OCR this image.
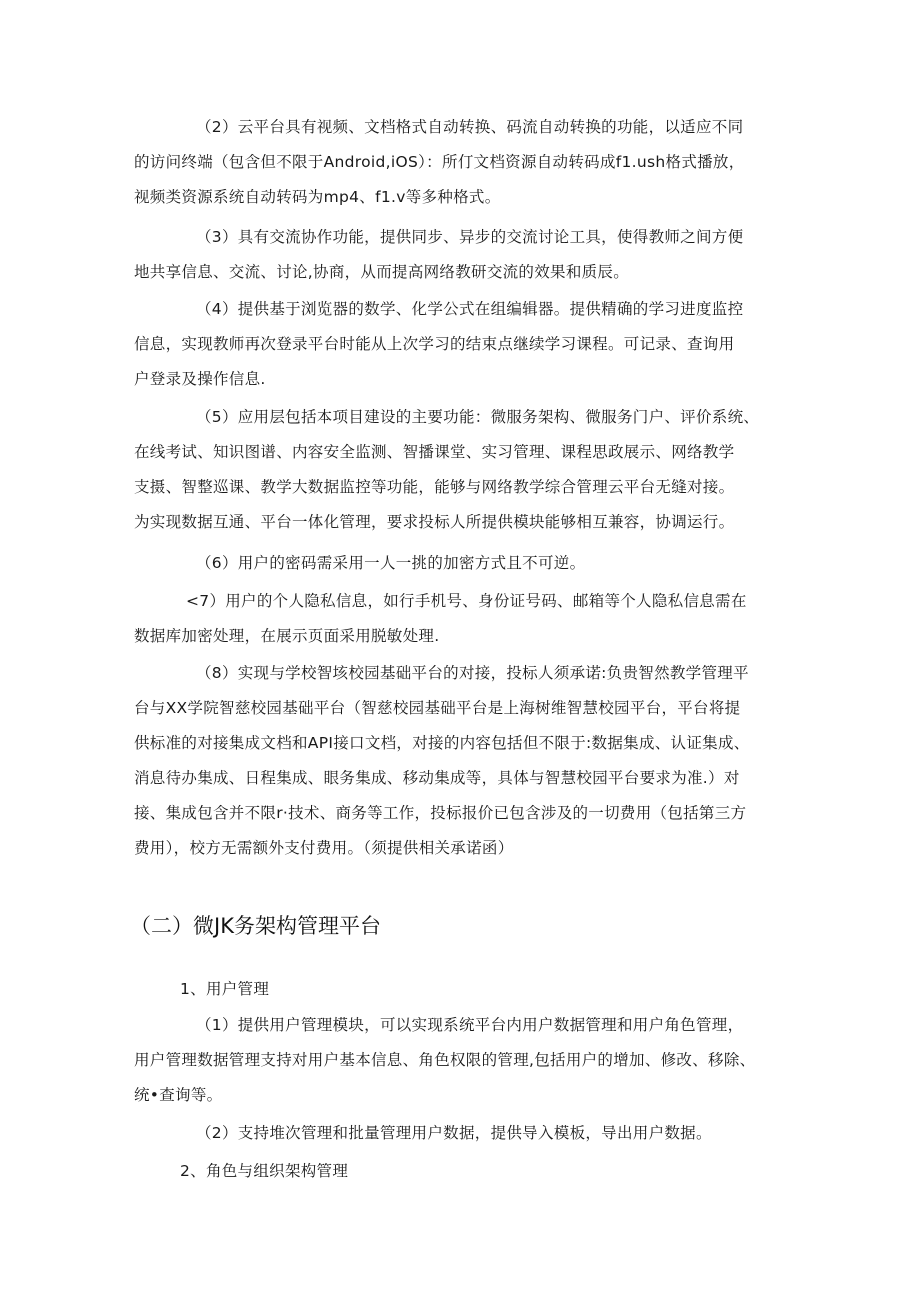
（2）云平台具有视频、文档格式自动转换、码流自动转换的功能，以适应不同
的访问终端（包含但不限于Android,iOS）：所仃文档资源自动转码成f1.ush格式播放，
视频类资源系统自动转码为mp4、f1.v等多种格式。

（3）具有交流协作功能，提供同步、异步的交流讨论工具，使得教师之间方便
地共享信息、交流、讨论,协商，从而提高网络教研交流的效果和质辰。

（4）提供基于浏览器的数学、化学公式在组编辑器。提供精确的学习进度监控
信息，实现教师再次登录平台时能从上次学习的结束点继续学习课程。可记录、查询用
户登录及操作信息.

（5）应用层包括本项目建设的主要功能：微服务架构、微服务门户、评价系统、
在线考试、知识图谱、内容安全监测、智播课堂、实习管理、课程思政展示、网络教学
支摄、智整巡课、教学大数据监控等功能，能够与网络教学综合管理云平台无缝对接。
为实现数据互通、平台一体化管理，要求投标人所提供模块能够相互兼容，协调运行。

（6）用户的密码需采用一人一挑的加密方式且不可逆。

<7）用户的个人隐私信息，如行手机号、身份证号码、邮箱等个人隐私信息需在
数据库加密处理，在展示页面采用脱敏处理.

（8）实现与学校智垓校园基础平台的对接，投标人须承诺:负贵智然教学管理平
台与XX学院智慈校园基础平台（智慈校园基础平台是上海树维智慧校园平台，平台将提
供标准的对接集成文档和API接口文档，对接的内容包括但不限于:数据集成、认证集成、
消息待办集成、日程集成、眼务集成、移动集成等，具体与智慧校园平台要求为准.）对
接、集成包含并不限r·技术、商务等工作，投标报价已包含涉及的一切费用（包括第三方
费用），校方无需额外支付费用。（须提供相关承诺函）

（二）微JK务架构管理平台

1、用户管理

（1）提供用户管理模块，可以实现系统平台内用户数据管理和用户角色管理，
用户管理数据管理支持对用户基本信息、角色权限的管理,包括用户的增加、修改、移除、
统•查询等。

（2）支持堆次管理和批量管理用户数据，提供导入模板，导出用户数据。

2、角色与组织架构管理
